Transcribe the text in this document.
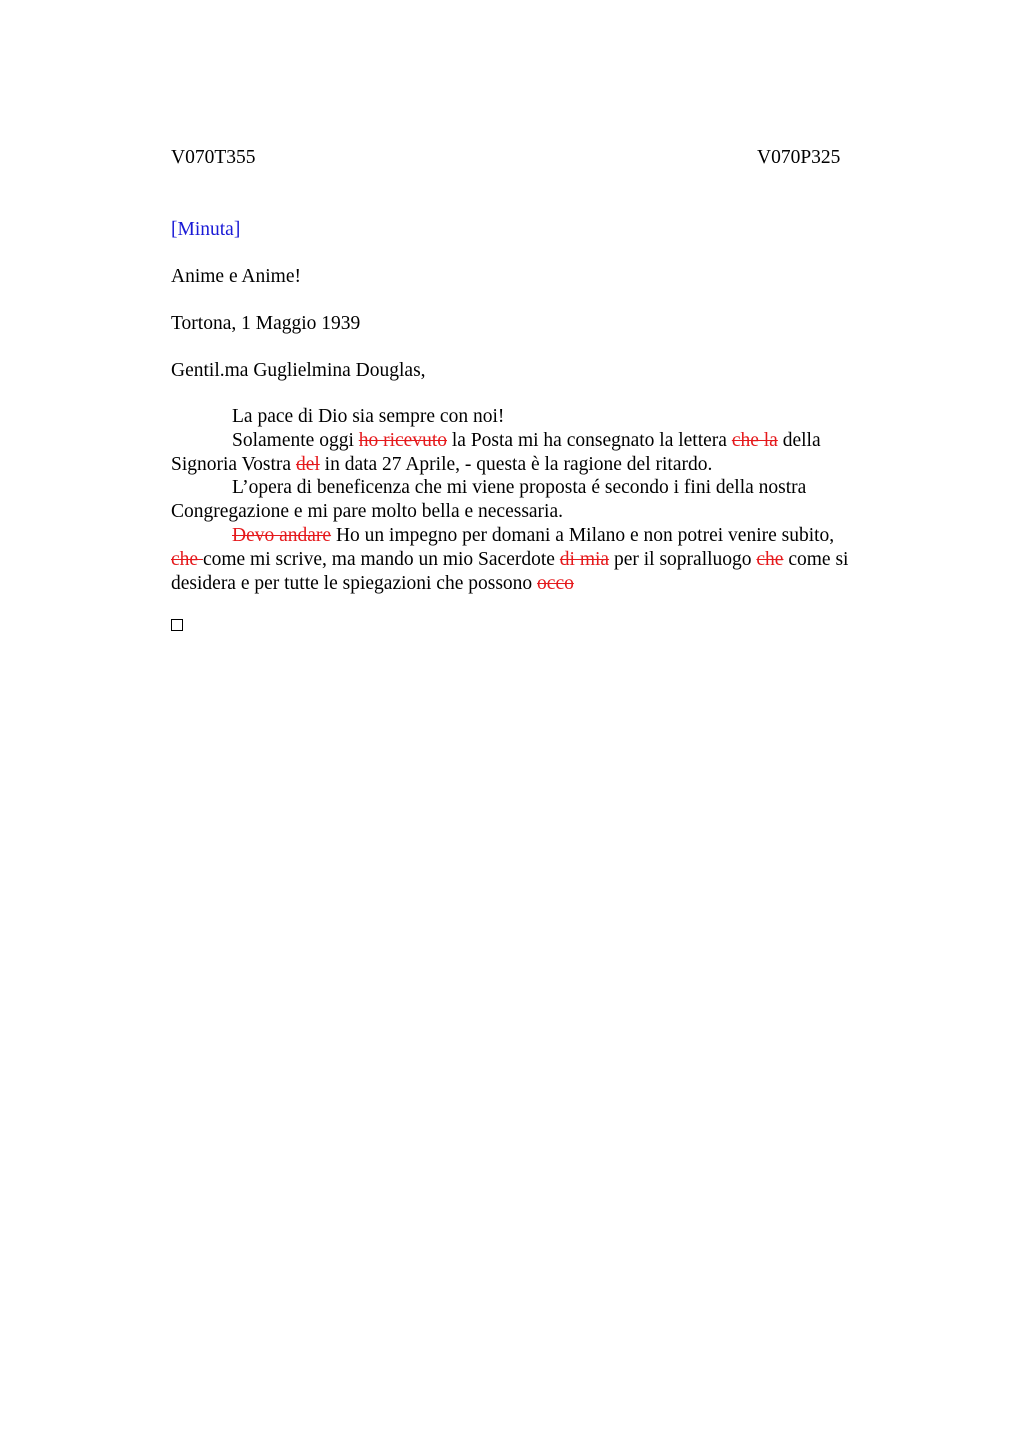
V070T355	V070P325
[Minuta]
Anime e Anime!
Tortona, 1 Maggio 1939
Gentil.ma Guglielmina Douglas,

La pace di Dio sia sempre con noi!

Solamente oggi ho ricevuto la Posta mi ha consegnato la lettera che la della Signoria Vostra del in data 27 Aprile, - questa è la ragione del ritardo.

L’opera di beneficenza che mi viene proposta é secondo i fini della nostra Congregazione e mi pare molto bella e necessaria.

Devo andare Ho un impegno per domani a Milano e non potrei venire subito, che come mi scrive, ma mando un mio Sacerdote di mia per il sopralluogo che come si desidera e per tutte le spiegazioni che possono occo
